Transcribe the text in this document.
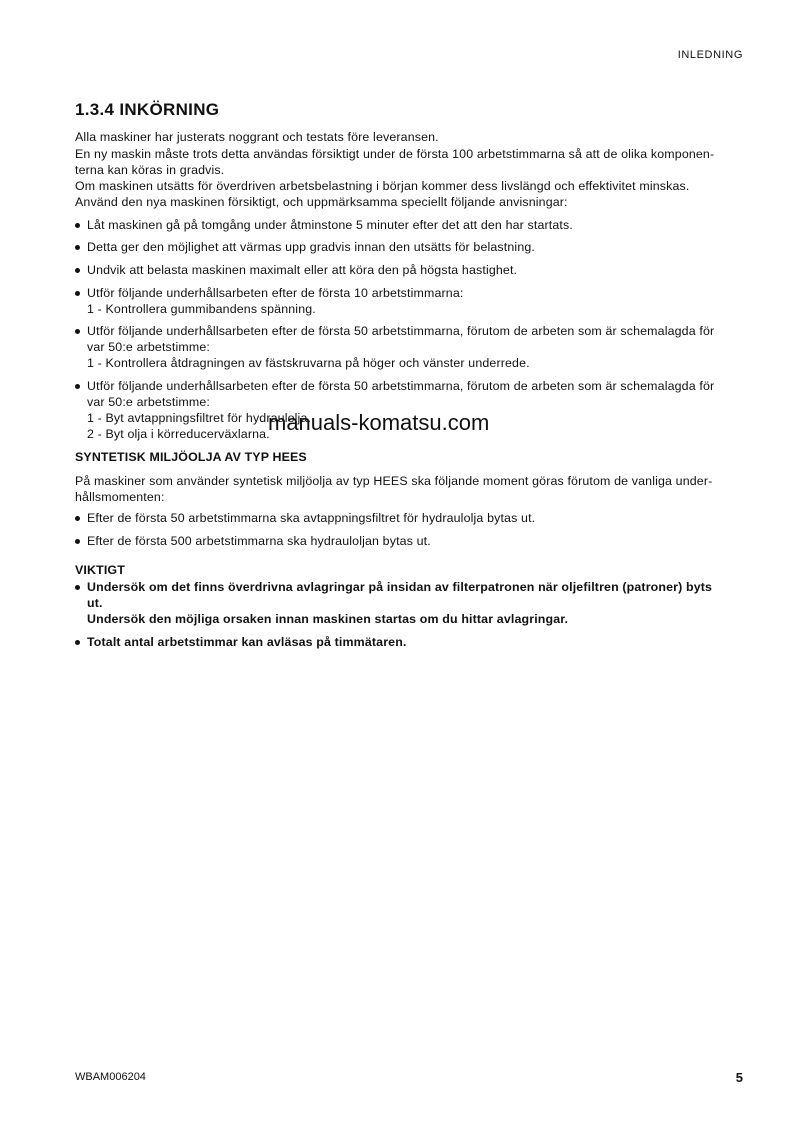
INLEDNING
1.3.4 INKÖRNING
Alla maskiner har justerats noggrant och testats före leveransen.
En ny maskin måste trots detta användas försiktigt under de första 100 arbetstimmarna så att de olika komponen-
terna kan köras in gradvis.
Om maskinen utsätts för överdriven arbetsbelastning i början kommer dess livslängd och effektivitet minskas.
Använd den nya maskinen försiktigt, och uppmärksamma speciellt följande anvisningar:
Låt maskinen gå på tomgång under åtminstone 5 minuter efter det att den har startats.
Detta ger den möjlighet att värmas upp gradvis innan den utsätts för belastning.
Undvik att belasta maskinen maximalt eller att köra den på högsta hastighet.
Utför följande underhållsarbeten efter de första 10 arbetstimmarna:
1 - Kontrollera gummibandens spänning.
Utför följande underhållsarbeten efter de första 50 arbetstimmarna, förutom de arbeten som är schemalagda för
var 50:e arbetstimme:
1 - Kontrollera åtdragningen av fästskruvarna på höger och vänster underrede.
Utför följande underhållsarbeten efter de första 50 arbetstimmarna, förutom de arbeten som är schemalagda för
var 50:e arbetstimme:
1 - Byt avtappningsfiltret för hydraulolja.
2 - Byt olja i körreducerväxlarna.
manuals-komatsu.com
SYNTETISK MILJÖOLJA AV TYP HEES
På maskiner som använder syntetisk miljöolja av typ HEES ska följande moment göras förutom de vanliga under-
hållsmomenten:
Efter de första 50 arbetstimmarna ska avtappningsfiltret för hydraulolja bytas ut.
Efter de första 500 arbetstimmarna ska hydrauloljan bytas ut.
VIKTIGT
Undersök om det finns överdrivna avlagringar på insidan av filterpatronen när oljefiltren (patroner) byts
ut.
Undersök den möjliga orsaken innan maskinen startas om du hittar avlagringar.
Totalt antal arbetstimmar kan avläsas på timmätaren.
WBAM006204	5
